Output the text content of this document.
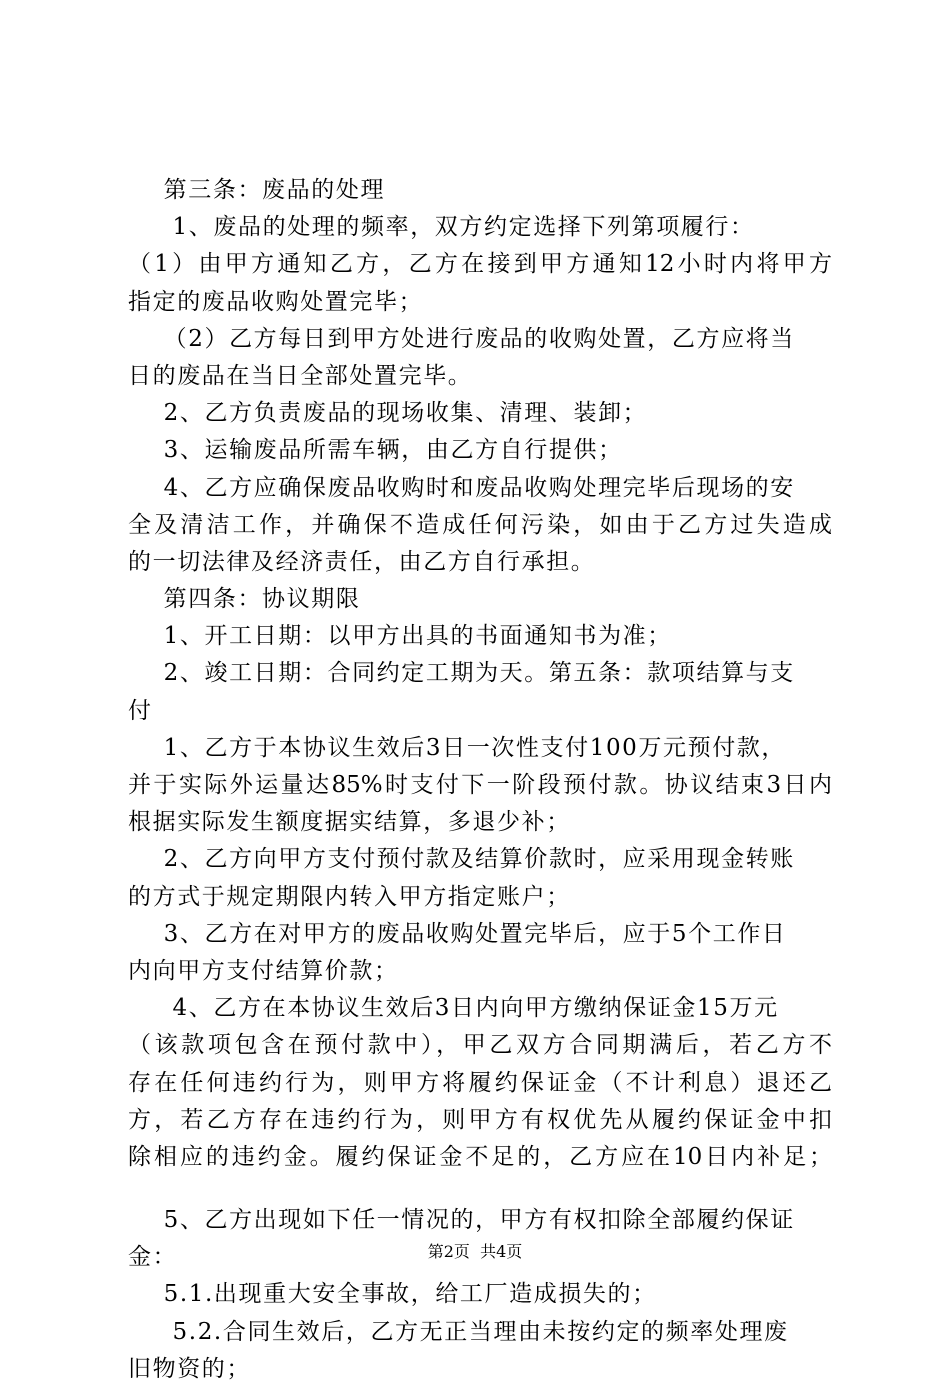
第三条：废品的处理
1、废品的处理的频率，双方约定选择下列第项履行：
（1）由甲方通知乙方，乙方在接到甲方通知12小时内将甲方
指定的废品收购处置完毕；
（2）乙方每日到甲方处进行废品的收购处置，乙方应将当
日的废品在当日全部处置完毕。
2、乙方负责废品的现场收集、清理、装卸；
3、运输废品所需车辆，由乙方自行提供；
4、乙方应确保废品收购时和废品收购处理完毕后现场的安
全及清洁工作，并确保不造成任何污染，如由于乙方过失造成
的一切法律及经济责任，由乙方自行承担。
第四条：协议期限
1、开工日期：以甲方出具的书面通知书为准；
2、竣工日期：合同约定工期为天。第五条：款项结算与支
付
1、乙方于本协议生效后3日一次性支付100万元预付款，
并于实际外运量达85%时支付下一阶段预付款。协议结束3日内
根据实际发生额度据实结算，多退少补；
2、乙方向甲方支付预付款及结算价款时，应采用现金转账
的方式于规定期限内转入甲方指定账户；
3、乙方在对甲方的废品收购处置完毕后，应于5个工作日
内向甲方支付结算价款；
4、乙方在本协议生效后3日内向甲方缴纳保证金15万元
（该款项包含在预付款中），甲乙双方合同期满后，若乙方不
存在任何违约行为，则甲方将履约保证金（不计利息）退还乙
方，若乙方存在违约行为，则甲方有权优先从履约保证金中扣
除相应的违约金。履约保证金不足的，乙方应在10日内补足；
5、乙方出现如下任一情况的，甲方有权扣除全部履约保证
金：
5.1.出现重大安全事故，给工厂造成损失的；
5.2.合同生效后，乙方无正当理由未按约定的频率处理废
旧物资的；
第2页  共4页
